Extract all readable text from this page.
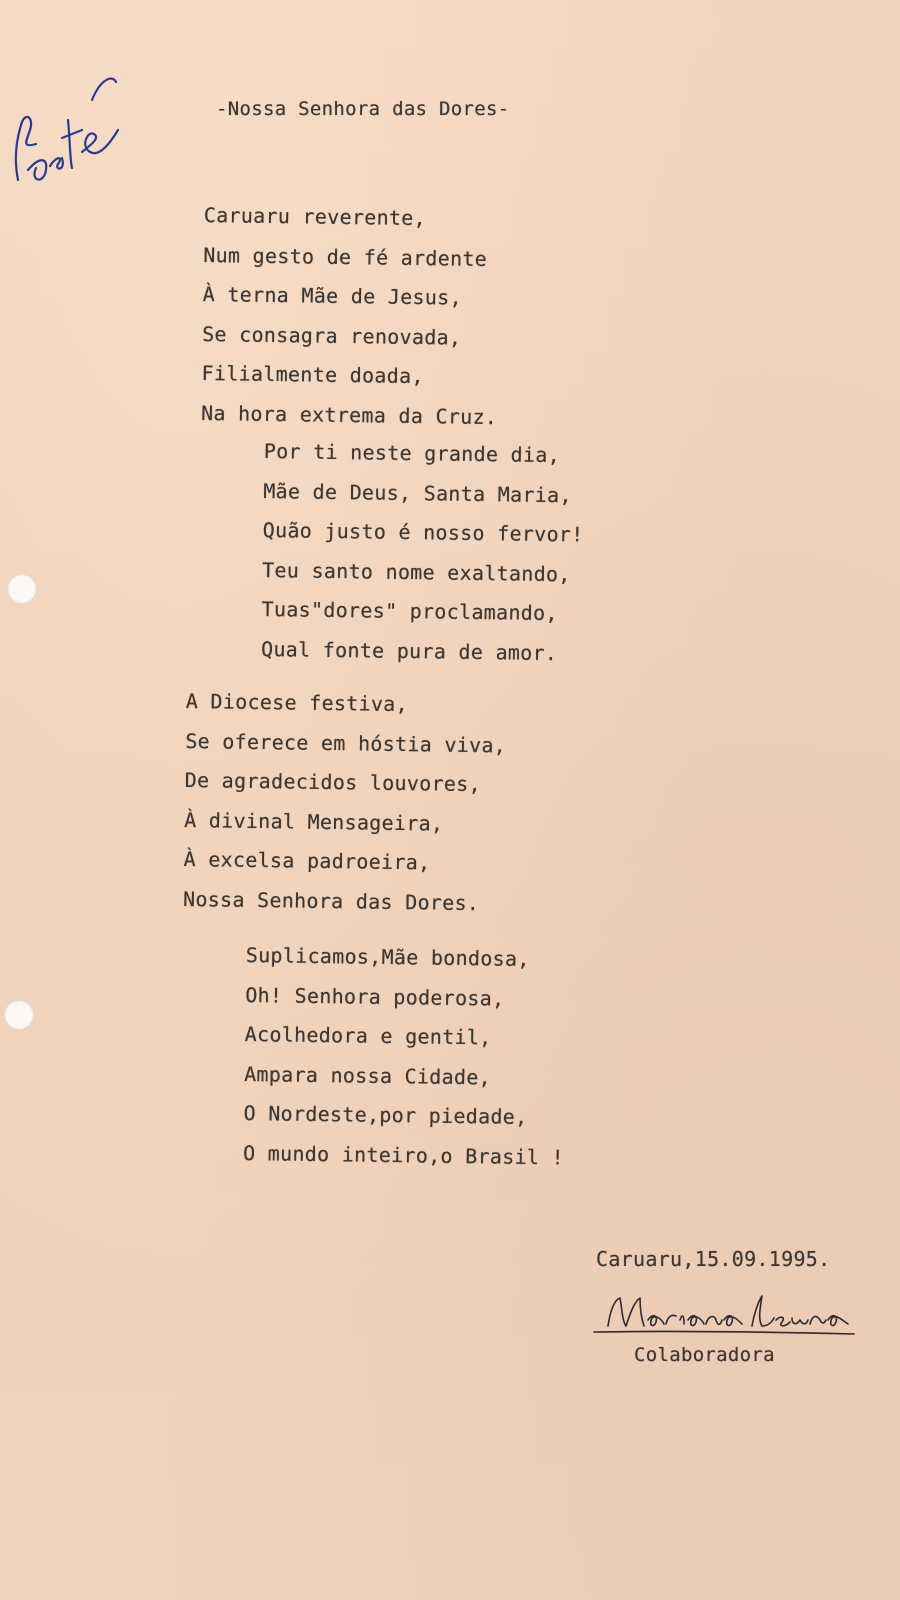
-Nossa Senhora das Dores-
Caruaru reverente,
Num gesto de fé ardente
À terna Mãe de Jesus,
Se consagra renovada,
Filialmente doada,
Na hora extrema da Cruz.
Por ti neste grande dia,
Mãe de Deus, Santa Maria,
Quão justo é nosso fervor!
Teu santo nome exaltando,
Tuas"dores" proclamando,
Qual fonte pura de amor.
A Diocese festiva,
Se oferece em hóstia viva,
De agradecidos louvores,
À divinal Mensageira,
À excelsa padroeira,
Nossa Senhora das Dores.
Suplicamos,Mãe bondosa,
Oh! Senhora poderosa,
Acolhedora e gentil,
Ampara nossa Cidade,
O Nordeste,por piedade,
O mundo inteiro,o Brasil !
Caruaru,15.09.1995.
Colaboradora
